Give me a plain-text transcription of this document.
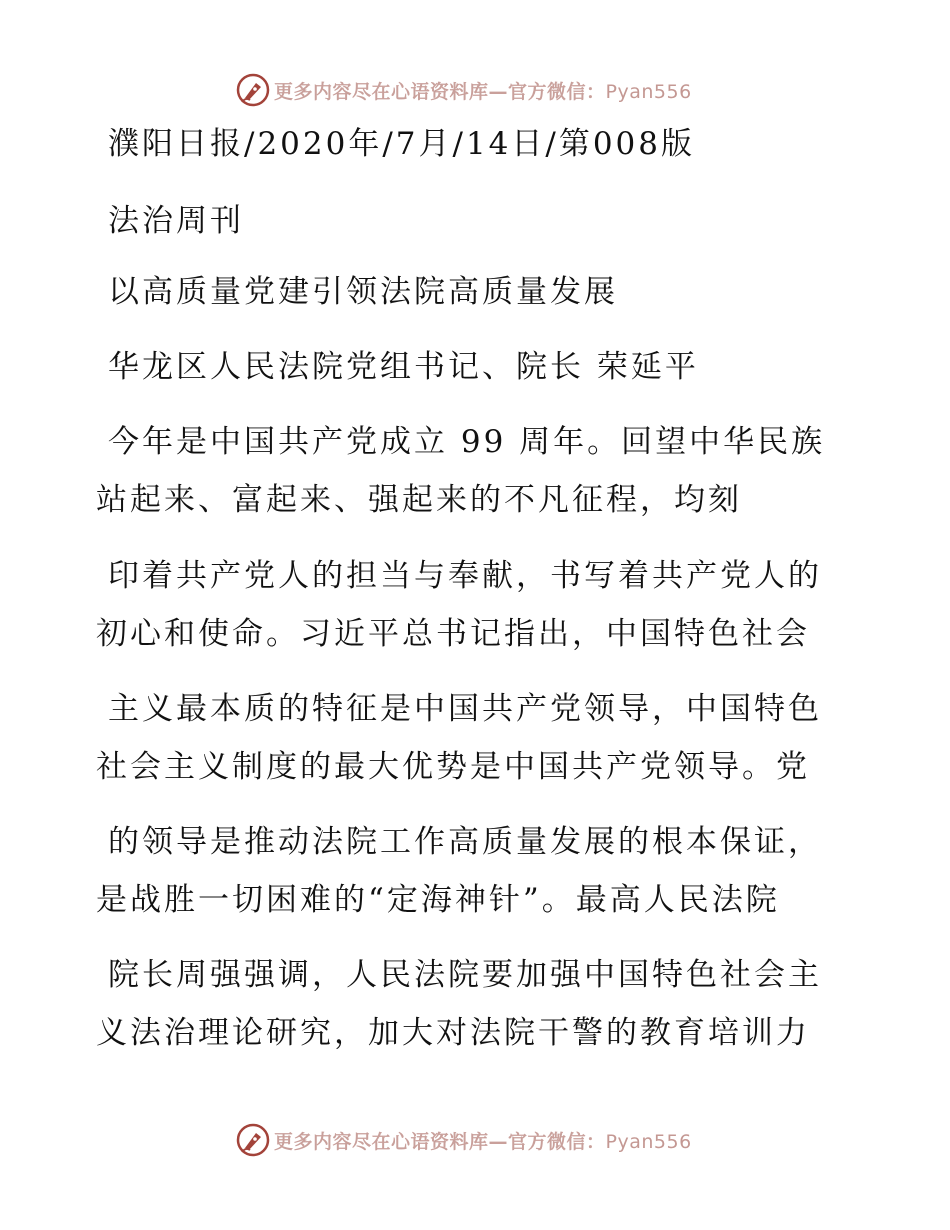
更多内容尽在心语资料库—官方微信：Pyan556
濮阳日报/2020年/7月/14日/第008版
法治周刊
以高质量党建引领法院高质量发展
华龙区人民法院党组书记、院长 荣延平
今年是中国共产党成立 99 周年。回望中华民族
站起来、富起来、强起来的不凡征程，均刻
印着共产党人的担当与奉献，书写着共产党人的
初心和使命。习近平总书记指出，中国特色社会
主义最本质的特征是中国共产党领导，中国特色
社会主义制度的最大优势是中国共产党领导。党
的领导是推动法院工作高质量发展的根本保证，
是战胜一切困难的“定海神针”。最高人民法院
院长周强强调，人民法院要加强中国特色社会主
义法治理论研究，加大对法院干警的教育培训力
更多内容尽在心语资料库—官方微信：Pyan556
